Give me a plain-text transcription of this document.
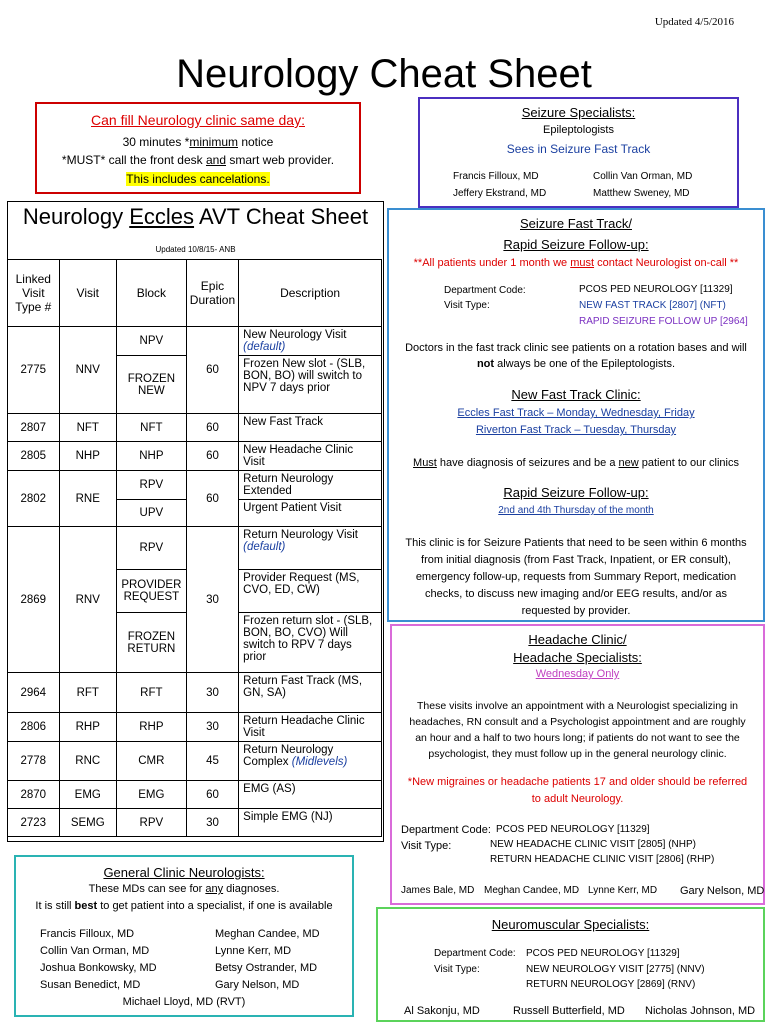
Updated 4/5/2016
Neurology Cheat Sheet
Can fill Neurology clinic same day:
30 minutes *minimum notice
*MUST* call the front desk and smart web provider.
This includes cancelations.
Seizure Specialists:
Epileptologists
Sees in Seizure Fast Track
Francis Filloux, MD	Collin Van Orman, MD
Jeffery Ekstrand, MD	Matthew Sweney, MD
Neurology Eccles AVT Cheat Sheet
Updated 10/8/15- ANB
Linked Visit Type #	Visit	Block	Epic Duration	Description
2775	NNV	NPV	60	New Neurology Visit (default)
		FROZEN NEW		Frozen New slot - (SLB, BON, BO) will switch to NPV 7 days prior
2807	NFT	NFT	60	New Fast Track
2805	NHP	NHP	60	New Headache Clinic Visit
2802	RNE	RPV	60	Return Neurology Extended
		UPV		Urgent Patient Visit
2869	RNV	RPV	30	Return Neurology Visit (default)
		PROVIDER REQUEST		Provider Request (MS, CVO, ED, CW)
		FROZEN RETURN		Frozen return slot - (SLB, BON, BO, CVO) Will switch to RPV 7 days prior
2964	RFT	RFT	30	Return Fast Track (MS, GN, SA)
2806	RHP	RHP	30	Return Headache Clinic Visit
2778	RNC	CMR	45	Return Neurology Complex (Midlevels)
2870	EMG	EMG	60	EMG (AS)
2723	SEMG	RPV	30	Simple EMG (NJ)
Seizure Fast Track/
Rapid Seizure Follow-up:
**All patients under 1 month we must contact Neurologist on-call **
Department Code:	PCOS PED NEUROLOGY [11329]
Visit Type:	NEW FAST TRACK [2807] (NFT)
RAPID SEIZURE FOLLOW UP [2964]
Doctors in the fast track clinic see patients on a rotation bases and will
not always be one of the Epileptologists.
New Fast Track Clinic:
Eccles Fast Track – Monday, Wednesday, Friday
Riverton Fast Track – Tuesday, Thursday
Must have diagnosis of seizures and be a new patient to our clinics
Rapid Seizure Follow-up:
2nd and 4th Thursday of the month
This clinic is for Seizure Patients that need to be seen within 6 months
from initial diagnosis (from Fast Track, Inpatient, or ER consult),
emergency follow-up, requests from Summary Report, medication
checks, to discuss new imaging and/or EEG results, and/or as
requested by provider.
Headache Clinic/
Headache Specialists:
Wednesday Only
These visits involve an appointment with a Neurologist specializing in
headaches, RN consult and a Psychologist appointment and are roughly
an hour and a half to two hours long; if patients do not want to see the
psychologist, they must follow up in the general neurology clinic.
*New migraines or headache patients 17 and older should be referred
to adult Neurology.
Department Code: PCOS PED NEUROLOGY [11329]
Visit Type:	NEW HEADACHE CLINIC VISIT [2805] (NHP)
RETURN HEADACHE CLINIC VISIT [2806] (RHP)
James Bale, MD Meghan Candee, MD Lynne Kerr, MD Gary Nelson, MD
General Clinic Neurologists:
These MDs can see for any diagnoses.
It is still best to get patient into a specialist, if one is available
Francis Filloux, MD
Collin Van Orman, MD
Joshua Bonkowsky, MD
Susan Benedict, MD
Meghan Candee, MD
Lynne Kerr, MD
Betsy Ostrander, MD
Gary Nelson, MD
Michael Lloyd, MD (RVT)
Neuromuscular Specialists:
Department Code: PCOS PED NEUROLOGY [11329]
Visit Type:	NEW NEUROLOGY VISIT [2775] (NNV)
RETURN NEUROLOGY [2869] (RNV)
Al Sakonju, MD	Russell Butterfield, MD Nicholas Johnson, MD
